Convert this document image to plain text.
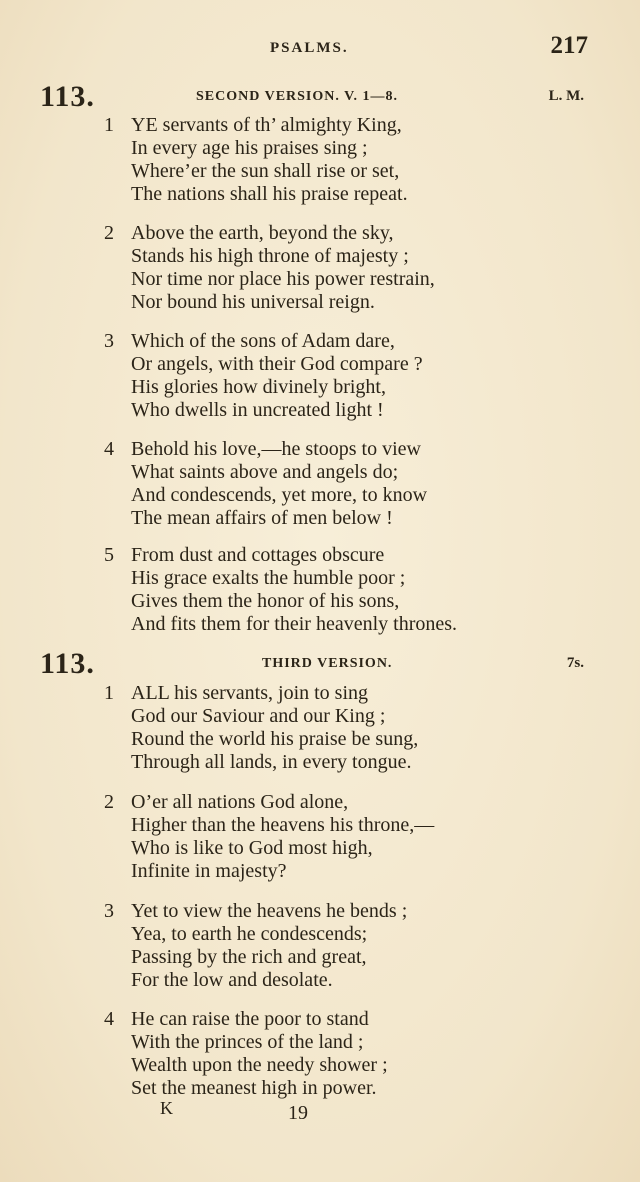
PSALMS.	217
113.	SECOND VERSION. V. 1—8.	L. M.
1 YE servants of th’ almighty King,
In every age his praises sing ;
Where’er the sun shall rise or set,
The nations shall his praise repeat.
2 Above the earth, beyond the sky,
Stands his high throne of majesty ;
Nor time nor place his power restrain,
Nor bound his universal reign.
3 Which of the sons of Adam dare,
Or angels, with their God compare ?
His glories how divinely bright,
Who dwells in uncreated light !
4 Behold his love,—he stoops to view
What saints above and angels do;
And condescends, yet more, to know
The mean affairs of men below !
5 From dust and cottages obscure
His grace exalts the humble poor ;
Gives them the honor of his sons,
And fits them for their heavenly thrones.
113.	THIRD VERSION.	7s.
1 ALL his servants, join to sing
God our Saviour and our King ;
Round the world his praise be sung,
Through all lands, in every tongue.
2 O’er all nations God alone,
Higher than the heavens his throne,—
Who is like to God most high,
Infinite in majesty?
3 Yet to view the heavens he bends ;
Yea, to earth he condescends;
Passing by the rich and great,
For the low and desolate.
4 He can raise the poor to stand
With the princes of the land ;
Wealth upon the needy shower ;
Set the meanest high in power.
K	19
